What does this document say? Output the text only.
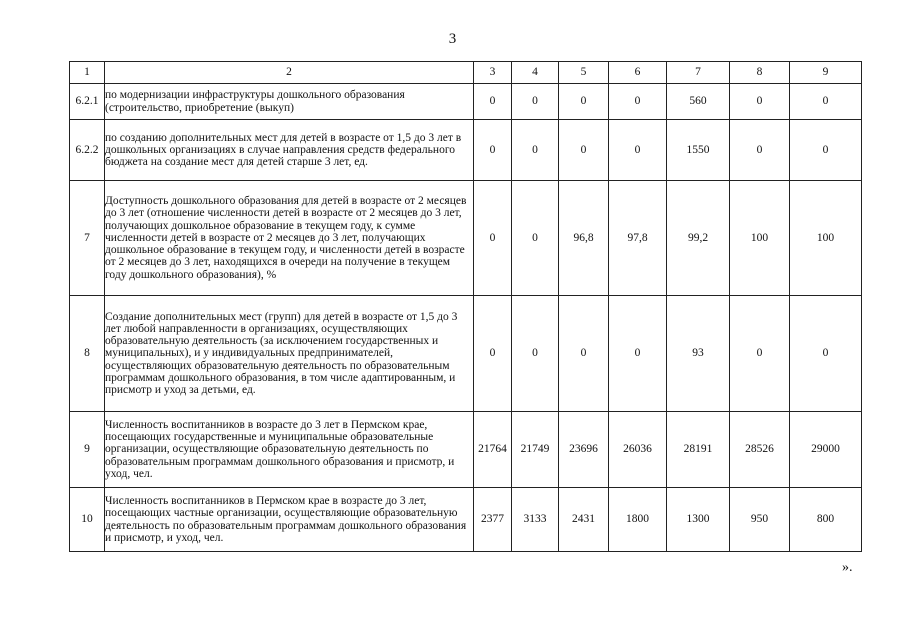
3
1	2	3	4	5	6	7	8	9
6.2.1	по модернизации инфраструктуры дошкольного образования (строительство, приобретение (выкуп)	0	0	0	0	560	0	0
6.2.2	по созданию дополнительных мест для детей в возрасте от 1,5 до 3 лет в дошкольных организациях в случае направления средств федерального бюджета на создание мест для детей старше 3 лет, ед.	0	0	0	0	1550	0	0
7	Доступность дошкольного образования для детей в возрасте от 2 месяцев до 3 лет (отношение численности детей в возрасте от 2 месяцев до 3 лет, получающих дошкольное образование в текущем году, к сумме численности детей в возрасте от 2 месяцев до 3 лет, получающих дошкольное образование в текущем году, и численности детей в возрасте от 2 месяцев до 3 лет, находящихся в очереди на получение в текущем году дошкольного образования), %	0	0	96,8	97,8	99,2	100	100
8	Создание дополнительных мест (групп) для детей в возрасте от 1,5 до 3 лет любой направленности в организациях, осуществляющих образовательную деятельность (за исключением государственных и муниципальных), и у индивидуальных предпринимателей, осуществляющих образовательную деятельность по образовательным программам дошкольного образования, в том числе адаптированным, и присмотр и уход за детьми, ед.	0	0	0	0	93	0	0
9	Численность воспитанников в возрасте до 3 лет в Пермском крае, посещающих государственные и муниципальные образовательные организации, осуществляющие образовательную деятельность по образовательным программам дошкольного образования и присмотр, и уход, чел.	21764	21749	23696	26036	28191	28526	29000
10	Численность воспитанников в Пермском крае в возрасте до 3 лет, посещающих частные организации, осуществляющие образовательную деятельность по образовательным программам дошкольного образования и присмотр, и уход, чел.	2377	3133	2431	1800	1300	950	800
».
